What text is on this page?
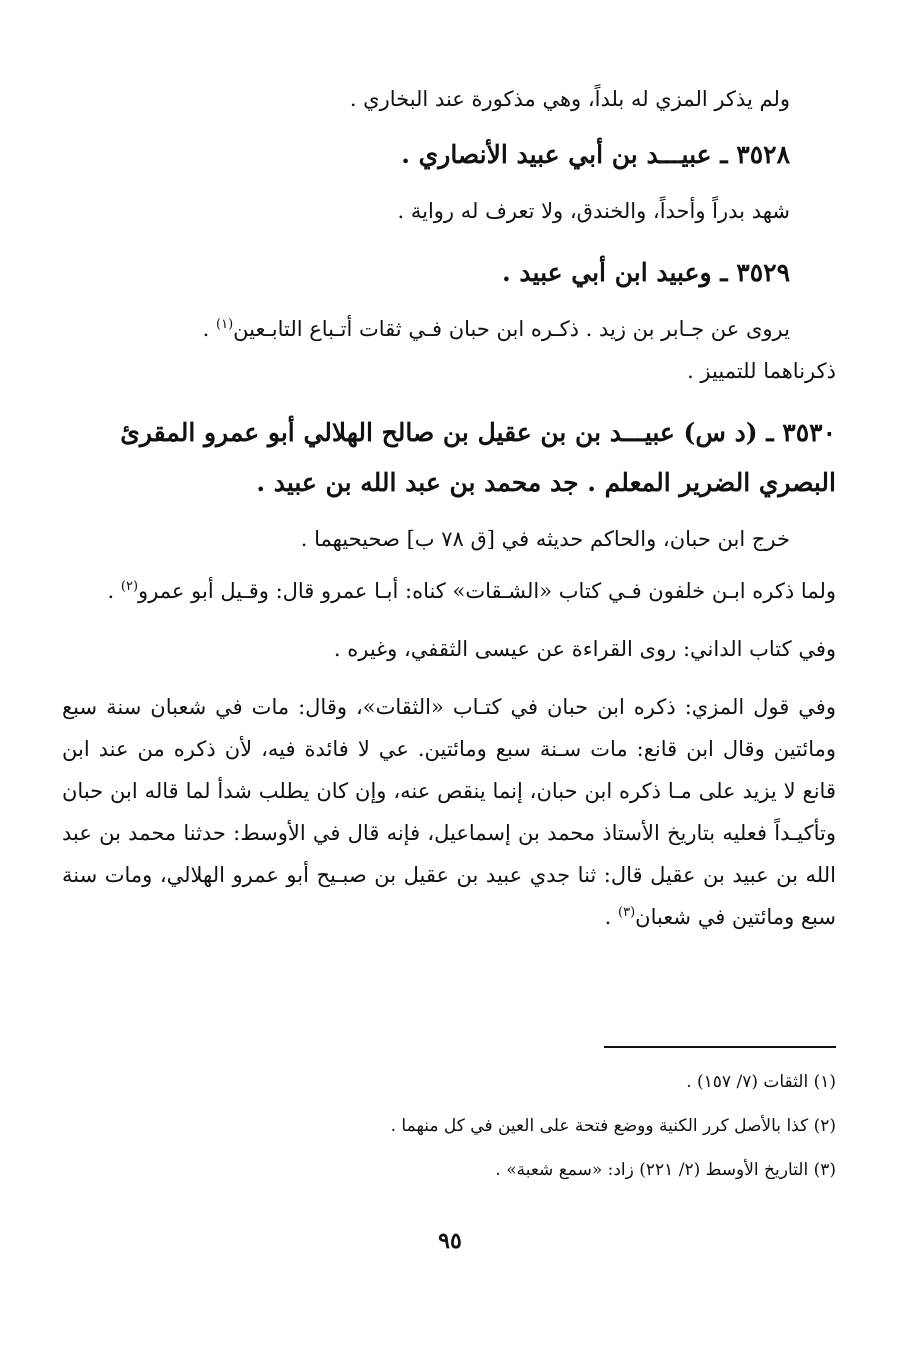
ولم يذكر المزي له بلداً، وهي مذكورة عند البخاري .

٣٥٢٨ ـ عبيـــد بن أبي عبيد الأنصاري .

شهد بدراً وأحداً، والخندق، ولا تعرف له رواية .

٣٥٢٩ ـ وعبيد ابن أبي عبيد .

يروى عن جـابر بن زيد . ذكـره ابن حبان فـي ثقات أتـباع التابـعين$^{(١)}$ .

ذكرناهما للتمييز .

٣٥٣٠ ـ (د س) عبيـــد بن بن عقيل بن صالح الهلالي أبو عمرو المقرئ البصري الضرير المعلم . جد محمد بن عبد الله بن عبيد .

خرج ابن حبان، والحاكم حديثه في [ق ٧٨ ب] صحيحيهما .

ولما ذكره ابـن خلفون فـي كتاب «الشـقات» كناه: أبـا عمرو قال: وقـيل أبو عمرو$^{(٢)}$ .

وفي كتاب الداني: روى القراءة عن عيسى الثقفي، وغيره .

وفي قول المزي: ذكره ابن حبان في كتـاب «الثقات»، وقال: مات في شعبان سنة سبع ومائتين وقال ابن قانع: مات سـنة سبع ومائتين. عي لا فائدة فيه، لأن ذكره من عند ابن قانع لا يزيد على مـا ذكره ابن حبان، إنما ينقص عنه، وإن كان يطلب شدأ لما قاله ابن حبان وتأكيـداً فعليه بتاريخ الأستاذ محمد بن إسماعيل، فإنه قال في الأوسط: حدثنا محمد بن عبد الله بن عبيد بن عقيل قال: ثنا جدي عبيد بن عقيل بن صبـيح أبو عمرو الهلالي، ومات سنة سبع ومائتين في شعبان$^{(٣)}$ .

(١) الثقات (٧/ ١٥٧) .

(٢) كذا بالأصل كرر الكنية ووضع فتحة على العين في كل منهما .

(٣) التاريخ الأوسط (٢/ ٢٢١) زاد: «سمع شعبة» .

٩٥
